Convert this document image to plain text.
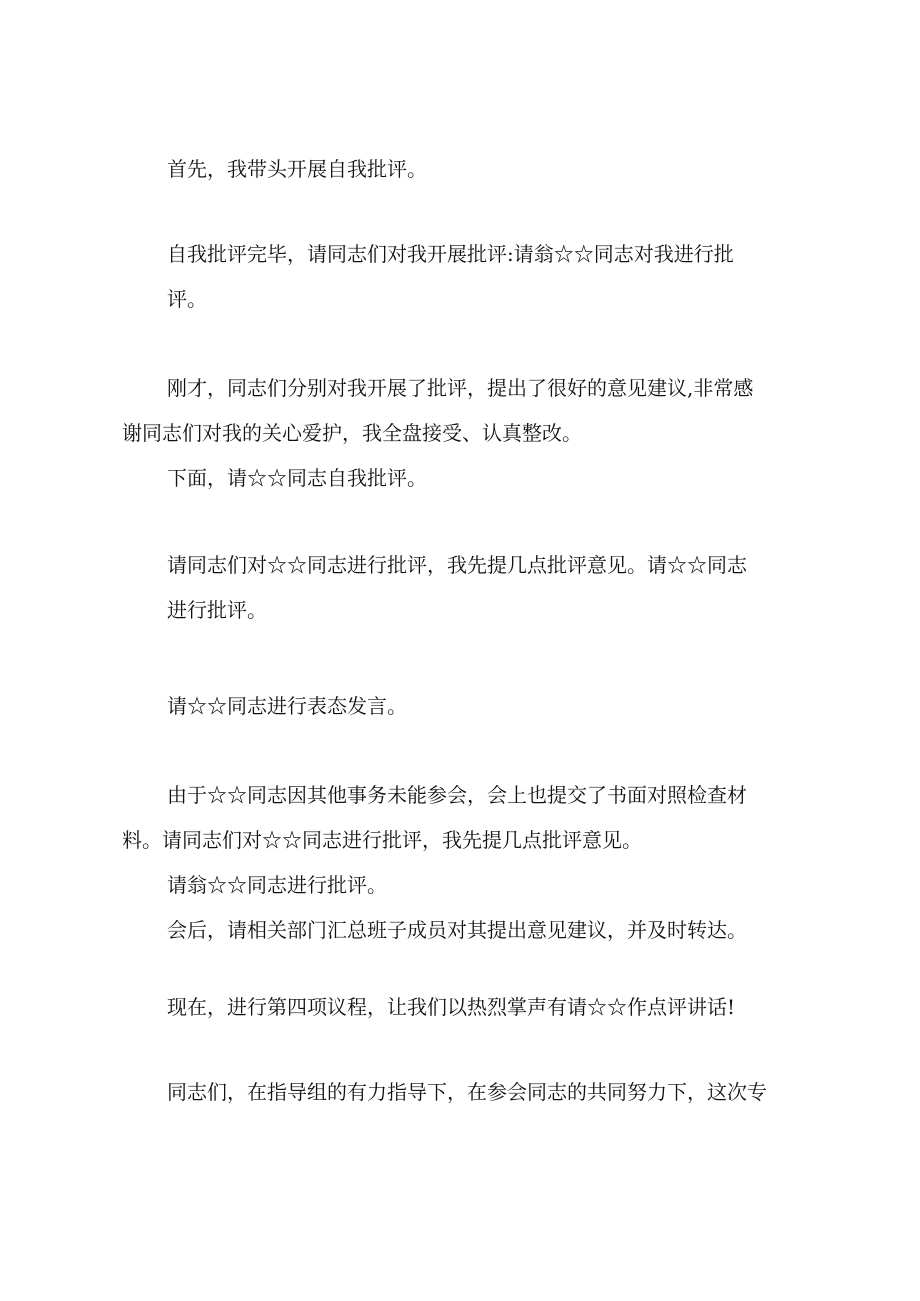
首先，我带头开展自我批评。
自我批评完毕，请同志们对我开展批评:请翁☆☆同志对我进行批
评。
刚才，同志们分别对我开展了批评，提出了很好的意见建议,非常感
谢同志们对我的关心爱护，我全盘接受、认真整改。
下面，请☆☆同志自我批评。
请同志们对☆☆同志进行批评，我先提几点批评意见。请☆☆同志
进行批评。
请☆☆同志进行表态发言。
由于☆☆同志因其他事务未能参会，会上也提交了书面对照检查材
料。请同志们对☆☆同志进行批评，我先提几点批评意见。
请翁☆☆同志进行批评。
会后，请相关部门汇总班子成员对其提出意见建议，并及时转达。
现在，进行第四项议程，让我们以热烈掌声有请☆☆作点评讲话!
同志们，在指导组的有力指导下，在参会同志的共同努力下，这次专
